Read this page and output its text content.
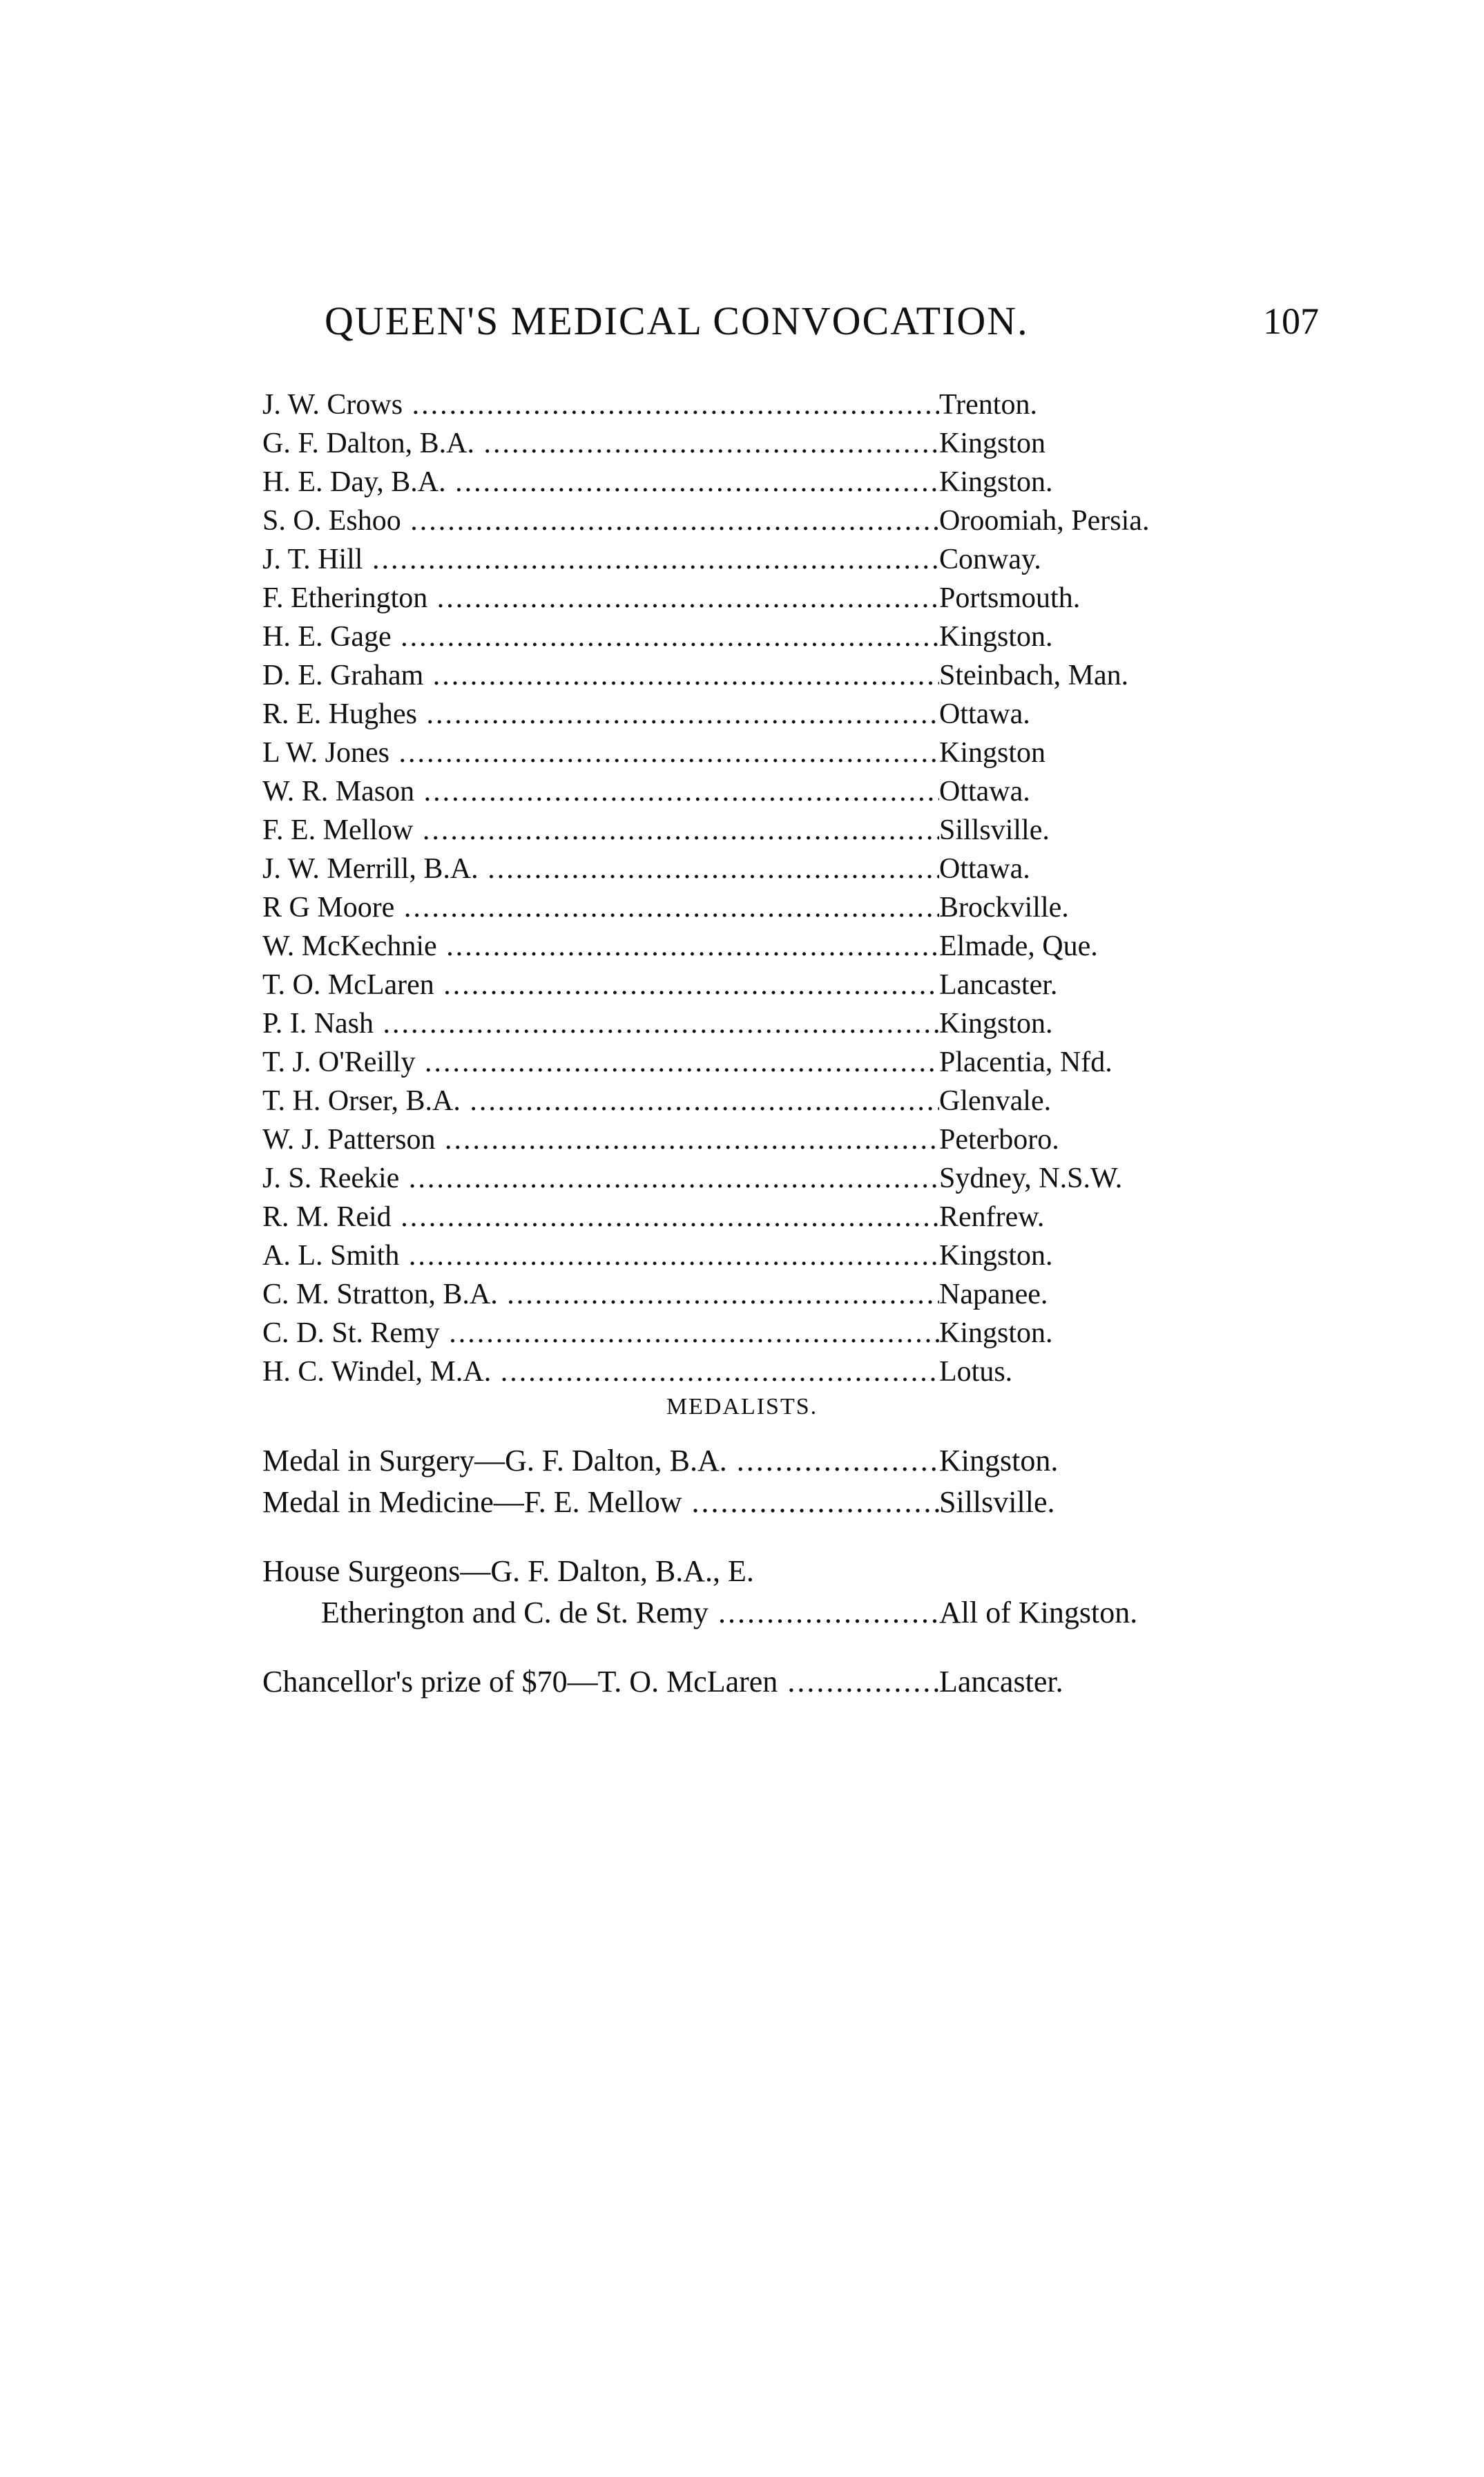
QUEEN'S MEDICAL CONVOCATION.	107
J. W. Crows .....	Trenton.
G. F. Dalton, B.A. .....	Kingston
H. E. Day, B.A. .....	Kingston.
S. O. Eshoo .....	Oroomiah, Persia.
J. T. Hill .....	Conway.
F. Etherington .....	Portsmouth.
H. E. Gage .....	Kingston.
D. E. Graham .....	Steinbach, Man.
R. E. Hughes .....	Ottawa.
L W. Jones .....	Kingston
W. R. Mason .....	Ottawa.
F. E. Mellow .....	Sillsville.
J. W. Merrill, B.A. .....	Ottawa.
R G Moore .....	Brockville.
W. McKechnie .....	Elmade, Que.
T. O. McLaren .....	Lancaster.
P. I. Nash .....	Kingston.
T. J. O'Reilly .....	Placentia, Nfd.
T. H. Orser, B.A. .....	Glenvale.
W. J. Patterson .....	Peterboro.
J. S. Reekie .....	Sydney, N.S.W.
R. M. Reid .....	Renfrew.
A. L. Smith .....	Kingston.
C. M. Stratton, B.A. .....	Napanee.
C. D. St. Remy .....	Kingston.
H. C. Windel, M.A. .....	Lotus.
MEDALISTS.
Medal in Surgery—G. F. Dalton, B.A. .....	Kingston.
Medal in Medicine—F. E. Mellow .....	Sillsville.
House Surgeons—G. F. Dalton, B.A., E.
Etherington and C. de St. Remy .....	All of Kingston.
Chancellor's prize of $70—T. O. McLaren .....	Lancaster.
